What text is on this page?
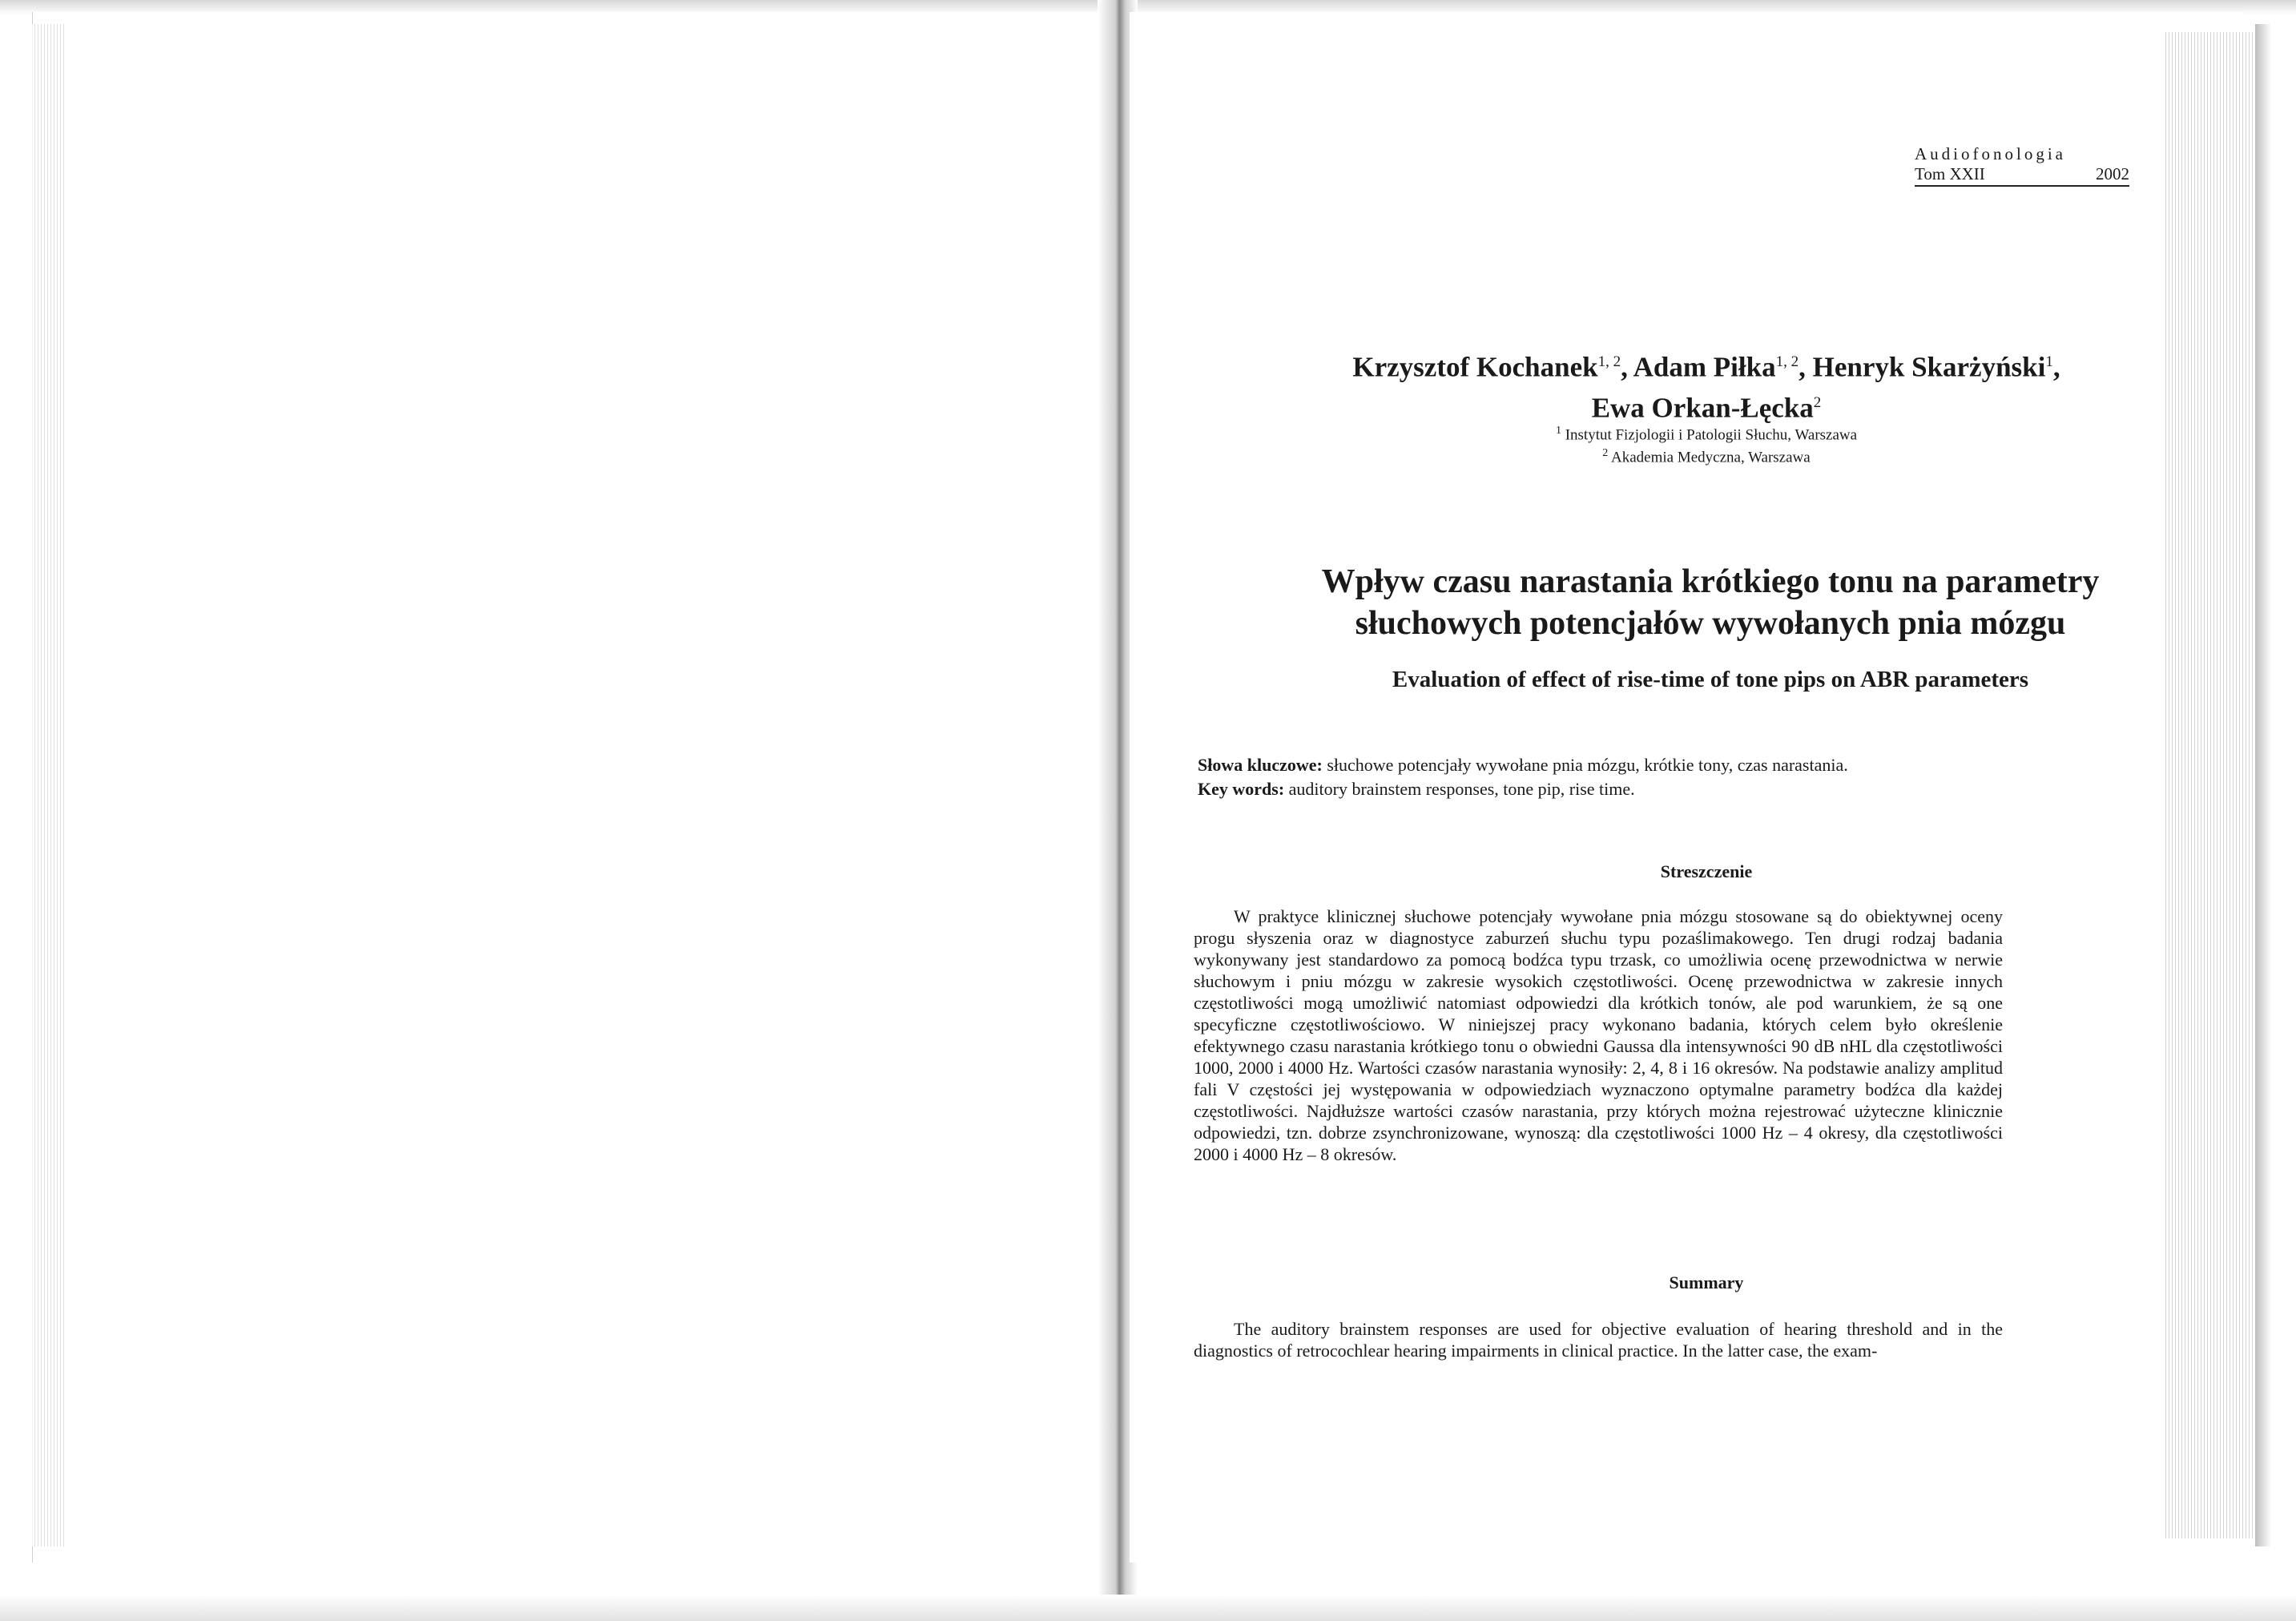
Audiofonologia
Tom XXII	2002
Krzysztof Kochanek$^{1, 2}$, Adam Piłka$^{1, 2}$, Henryk Skarżyński$^1$,
Ewa Orkan-Łęcka$^2$
$^1$ Instytut Fizjologii i Patologii Słuchu, Warszawa
$^2$ Akademia Medyczna, Warszawa
Wpływ czasu narastania krótkiego tonu na parametry
słuchowych potencjałów wywołanych pnia mózgu
Evaluation of effect of rise-time of tone pips on ABR parameters
Słowa kluczowe: słuchowe potencjały wywołane pnia mózgu, krótkie tony, czas narastania.
Key words: auditory brainstem responses, tone pip, rise time.
Streszczenie

W praktyce klinicznej słuchowe potencjały wywołane pnia mózgu stosowane są do obiektywnej oceny progu słyszenia oraz w diagnostyce zaburzeń słuchu typu pozaślimakowego. Ten drugi rodzaj badania wykonywany jest standardowo za pomocą bodźca typu trzask, co umożliwia ocenę przewodnictwa w nerwie słuchowym i pniu mózgu w zakresie wysokich częstotliwości. Ocenę przewodnictwa w zakresie innych częstotliwości mogą umożliwić natomiast odpowiedzi dla krótkich tonów, ale pod warunkiem, że są one specyficzne częstotliwościowo. W niniejszej pracy wykonano badania, których celem było określenie efektywnego czasu narastania krótkiego tonu o obwiedni Gaussa dla intensywności 90 dB nHL dla częstotliwości 1000, 2000 i 4000 Hz. Wartości czasów narastania wynosiły: 2, 4, 8 i 16 okresów. Na podstawie analizy amplitud fali V częstości jej występowania w odpowiedziach wyznaczono optymalne parametry bodźca dla każdej częstotliwości. Najdłuższe wartości czasów narastania, przy których można rejestrować użyteczne klinicznie odpowiedzi, tzn. dobrze zsynchronizowane, wynoszą: dla częstotliwości 1000 Hz – 4 okresy, dla częstotliwości 2000 i 4000 Hz – 8 okresów.

Summary

The auditory brainstem responses are used for objective evaluation of hearing threshold and in the diagnostics of retrocochlear hearing impairments in clinical practice. In the latter case, the exam-
